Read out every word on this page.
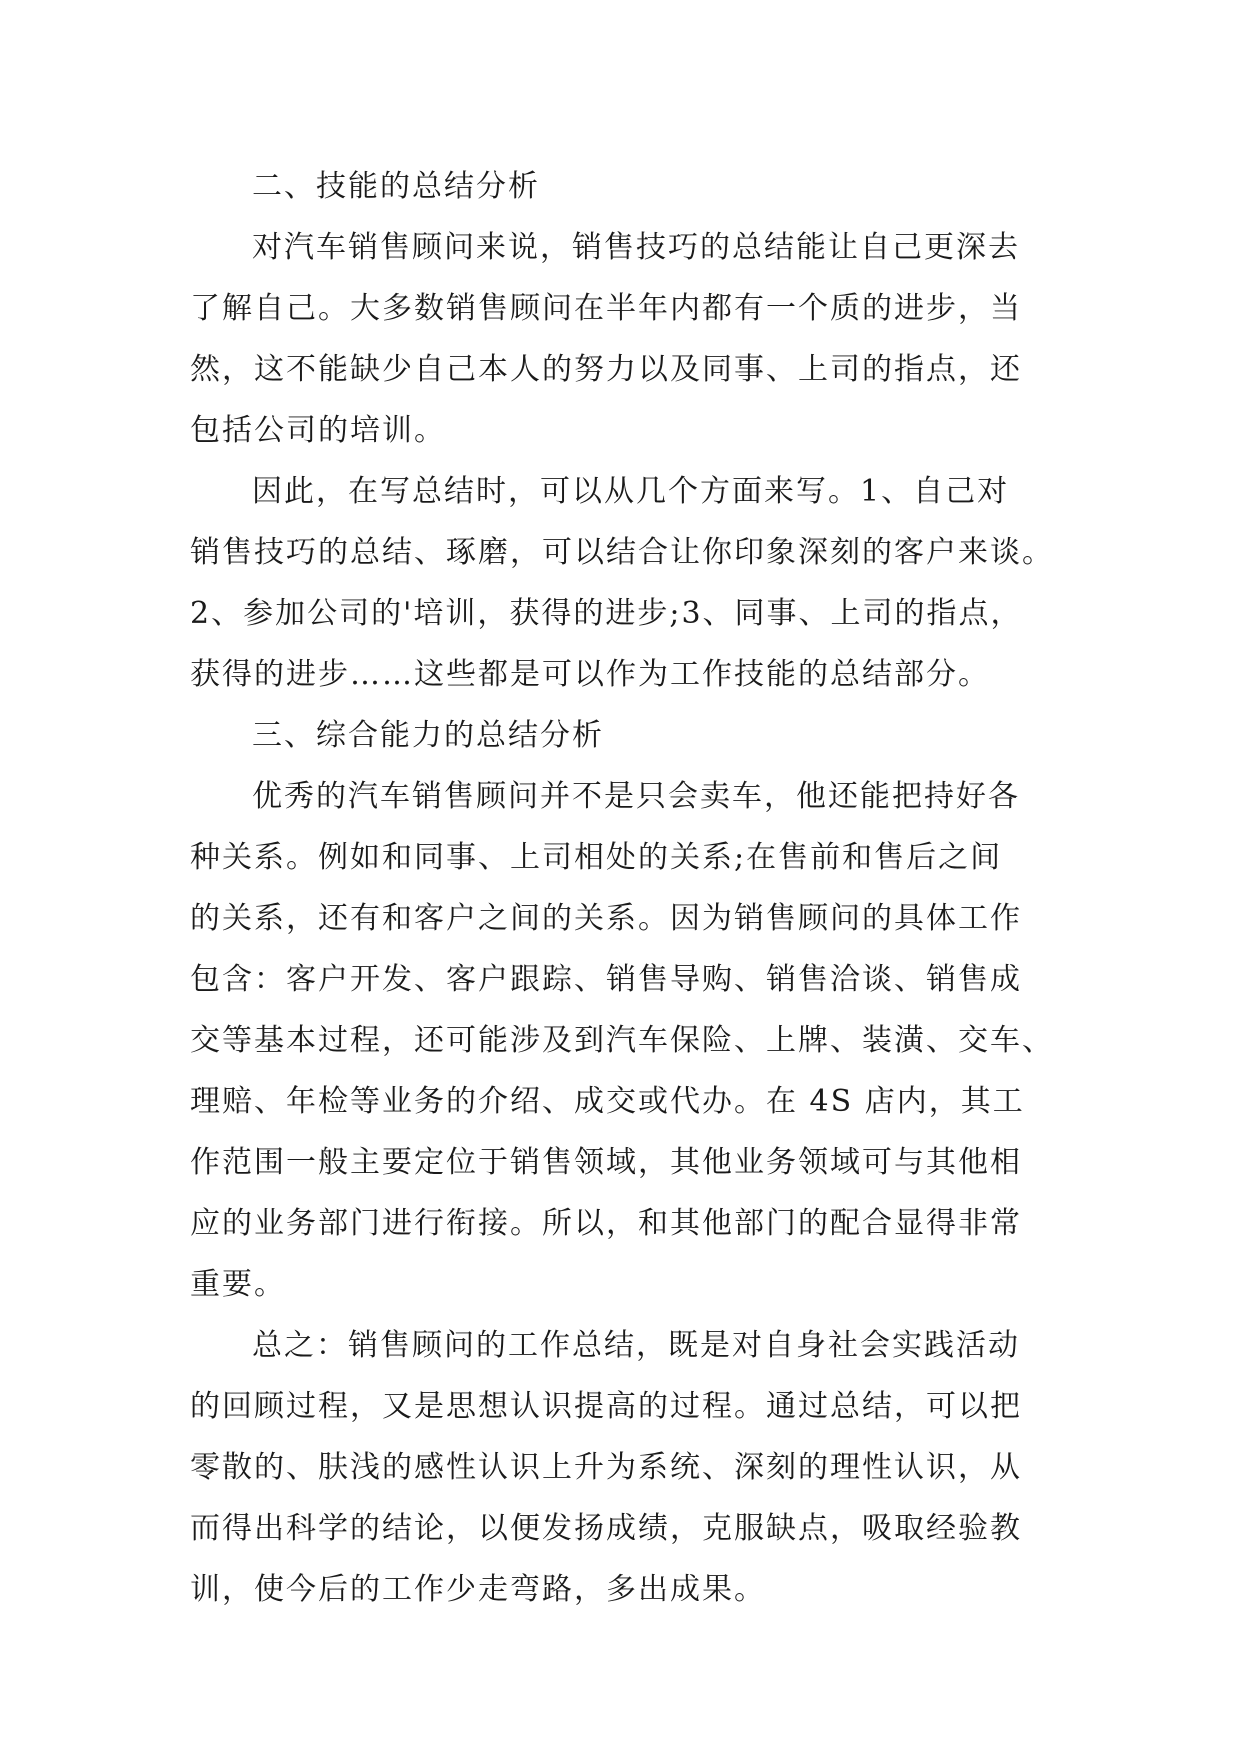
二、技能的总结分析

对汽车销售顾问来说，销售技巧的总结能让自己更深去
了解自己。大多数销售顾问在半年内都有一个质的进步，当
然，这不能缺少自己本人的努力以及同事、上司的指点，还
包括公司的培训。

因此，在写总结时，可以从几个方面来写。1、自己对
销售技巧的总结、琢磨，可以结合让你印象深刻的客户来谈。
2、参加公司的'培训，获得的进步;3、同事、上司的指点，
获得的进步……这些都是可以作为工作技能的总结部分。

三、综合能力的总结分析

优秀的汽车销售顾问并不是只会卖车，他还能把持好各
种关系。例如和同事、上司相处的关系;在售前和售后之间
的关系，还有和客户之间的关系。因为销售顾问的具体工作
包含：客户开发、客户跟踪、销售导购、销售洽谈、销售成
交等基本过程，还可能涉及到汽车保险、上牌、装潢、交车、
理赔、年检等业务的介绍、成交或代办。在 4S 店内，其工
作范围一般主要定位于销售领域，其他业务领域可与其他相
应的业务部门进行衔接。所以，和其他部门的配合显得非常
重要。

总之：销售顾问的工作总结，既是对自身社会实践活动
的回顾过程，又是思想认识提高的过程。通过总结，可以把
零散的、肤浅的感性认识上升为系统、深刻的理性认识，从
而得出科学的结论，以便发扬成绩，克服缺点，吸取经验教
训，使今后的工作少走弯路，多出成果。
